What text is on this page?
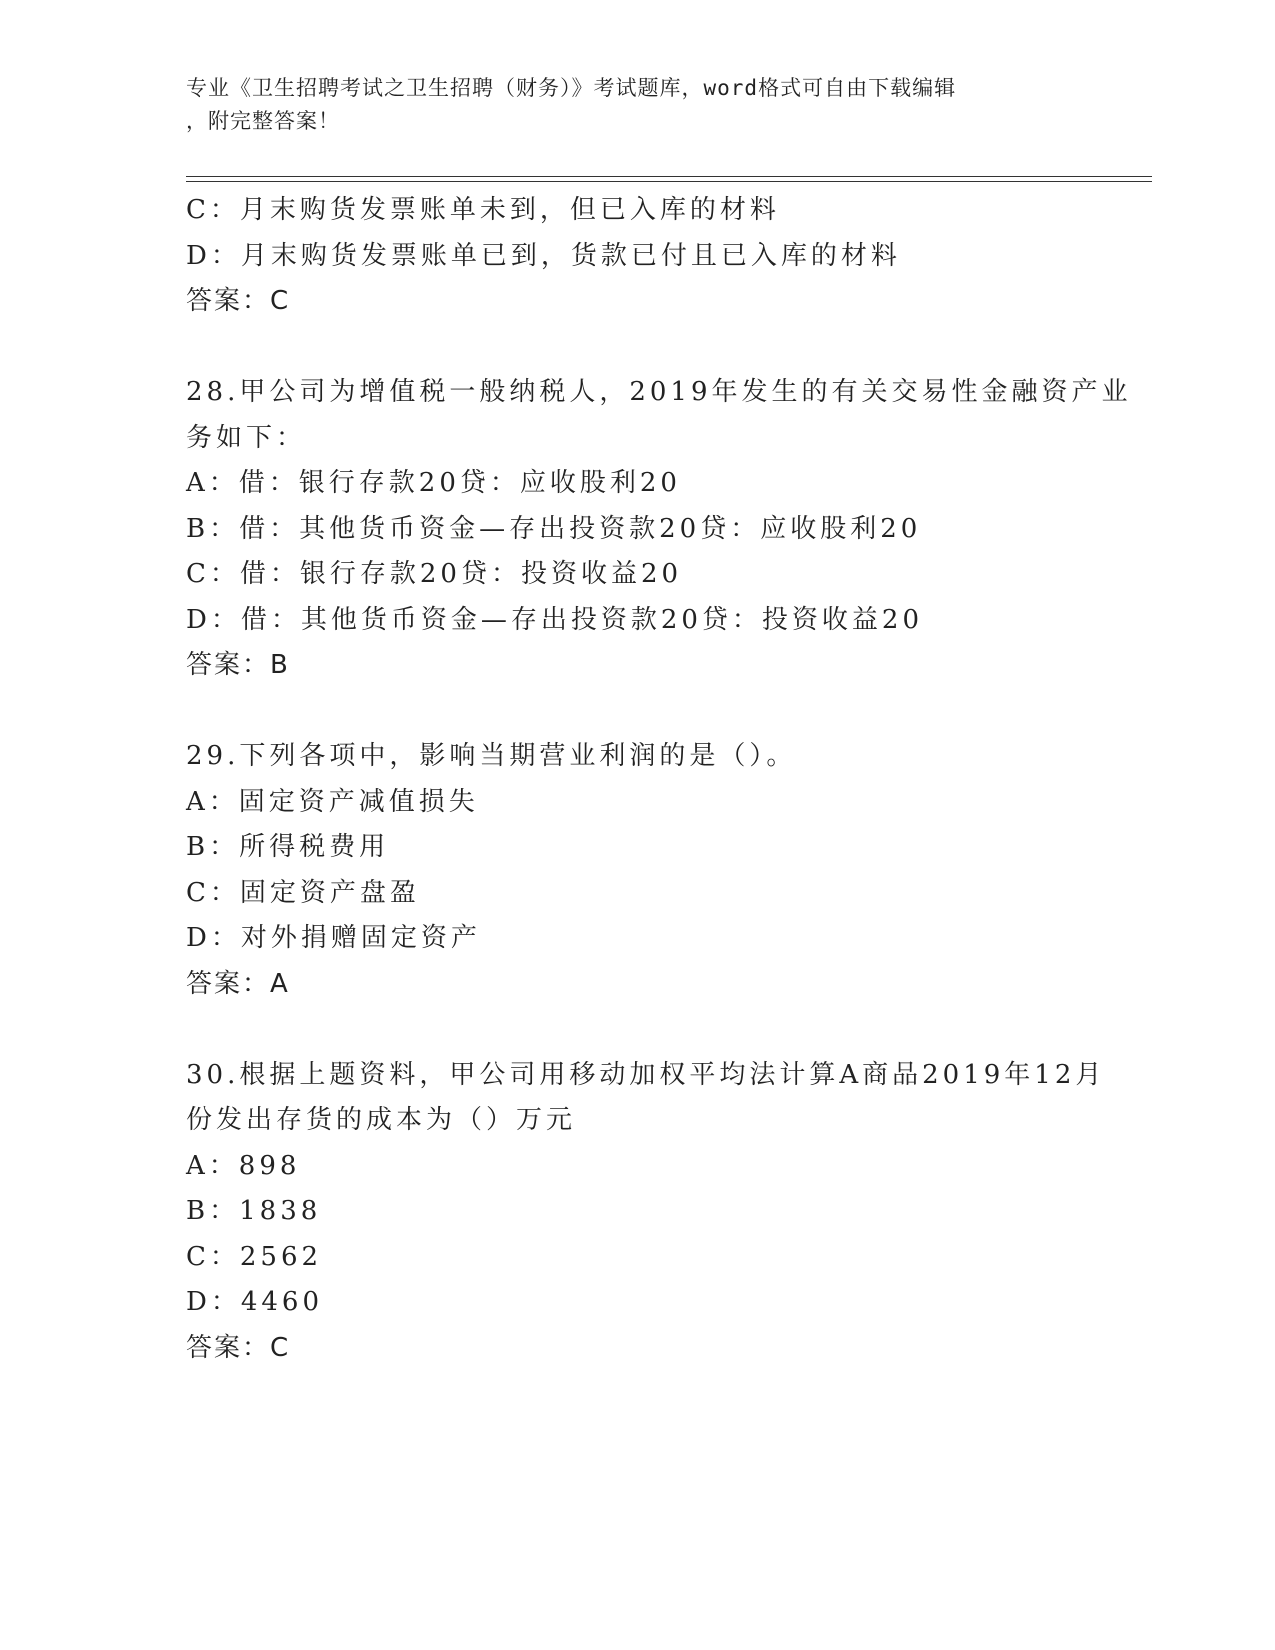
专业《卫生招聘考试之卫生招聘（财务）》考试题库，word格式可自由下载编辑
，附完整答案！
C：月末购货发票账单未到，但已入库的材料
D：月末购货发票账单已到，货款已付且已入库的材料
答案：C
28.甲公司为增值税一般纳税人，2019年发生的有关交易性金融资产业
务如下：
A：借：银行存款20贷：应收股利20
B：借：其他货币资金—存出投资款20贷：应收股利20
C：借：银行存款20贷：投资收益20
D：借：其他货币资金—存出投资款20贷：投资收益20
答案：B
29.下列各项中，影响当期营业利润的是（）。
A：固定资产减值损失
B：所得税费用
C：固定资产盘盈
D：对外捐赠固定资产
答案：A
30.根据上题资料，甲公司用移动加权平均法计算A商品2019年12月
份发出存货的成本为（）万元
A：898
B：1838
C：2562
D：4460
答案：C
